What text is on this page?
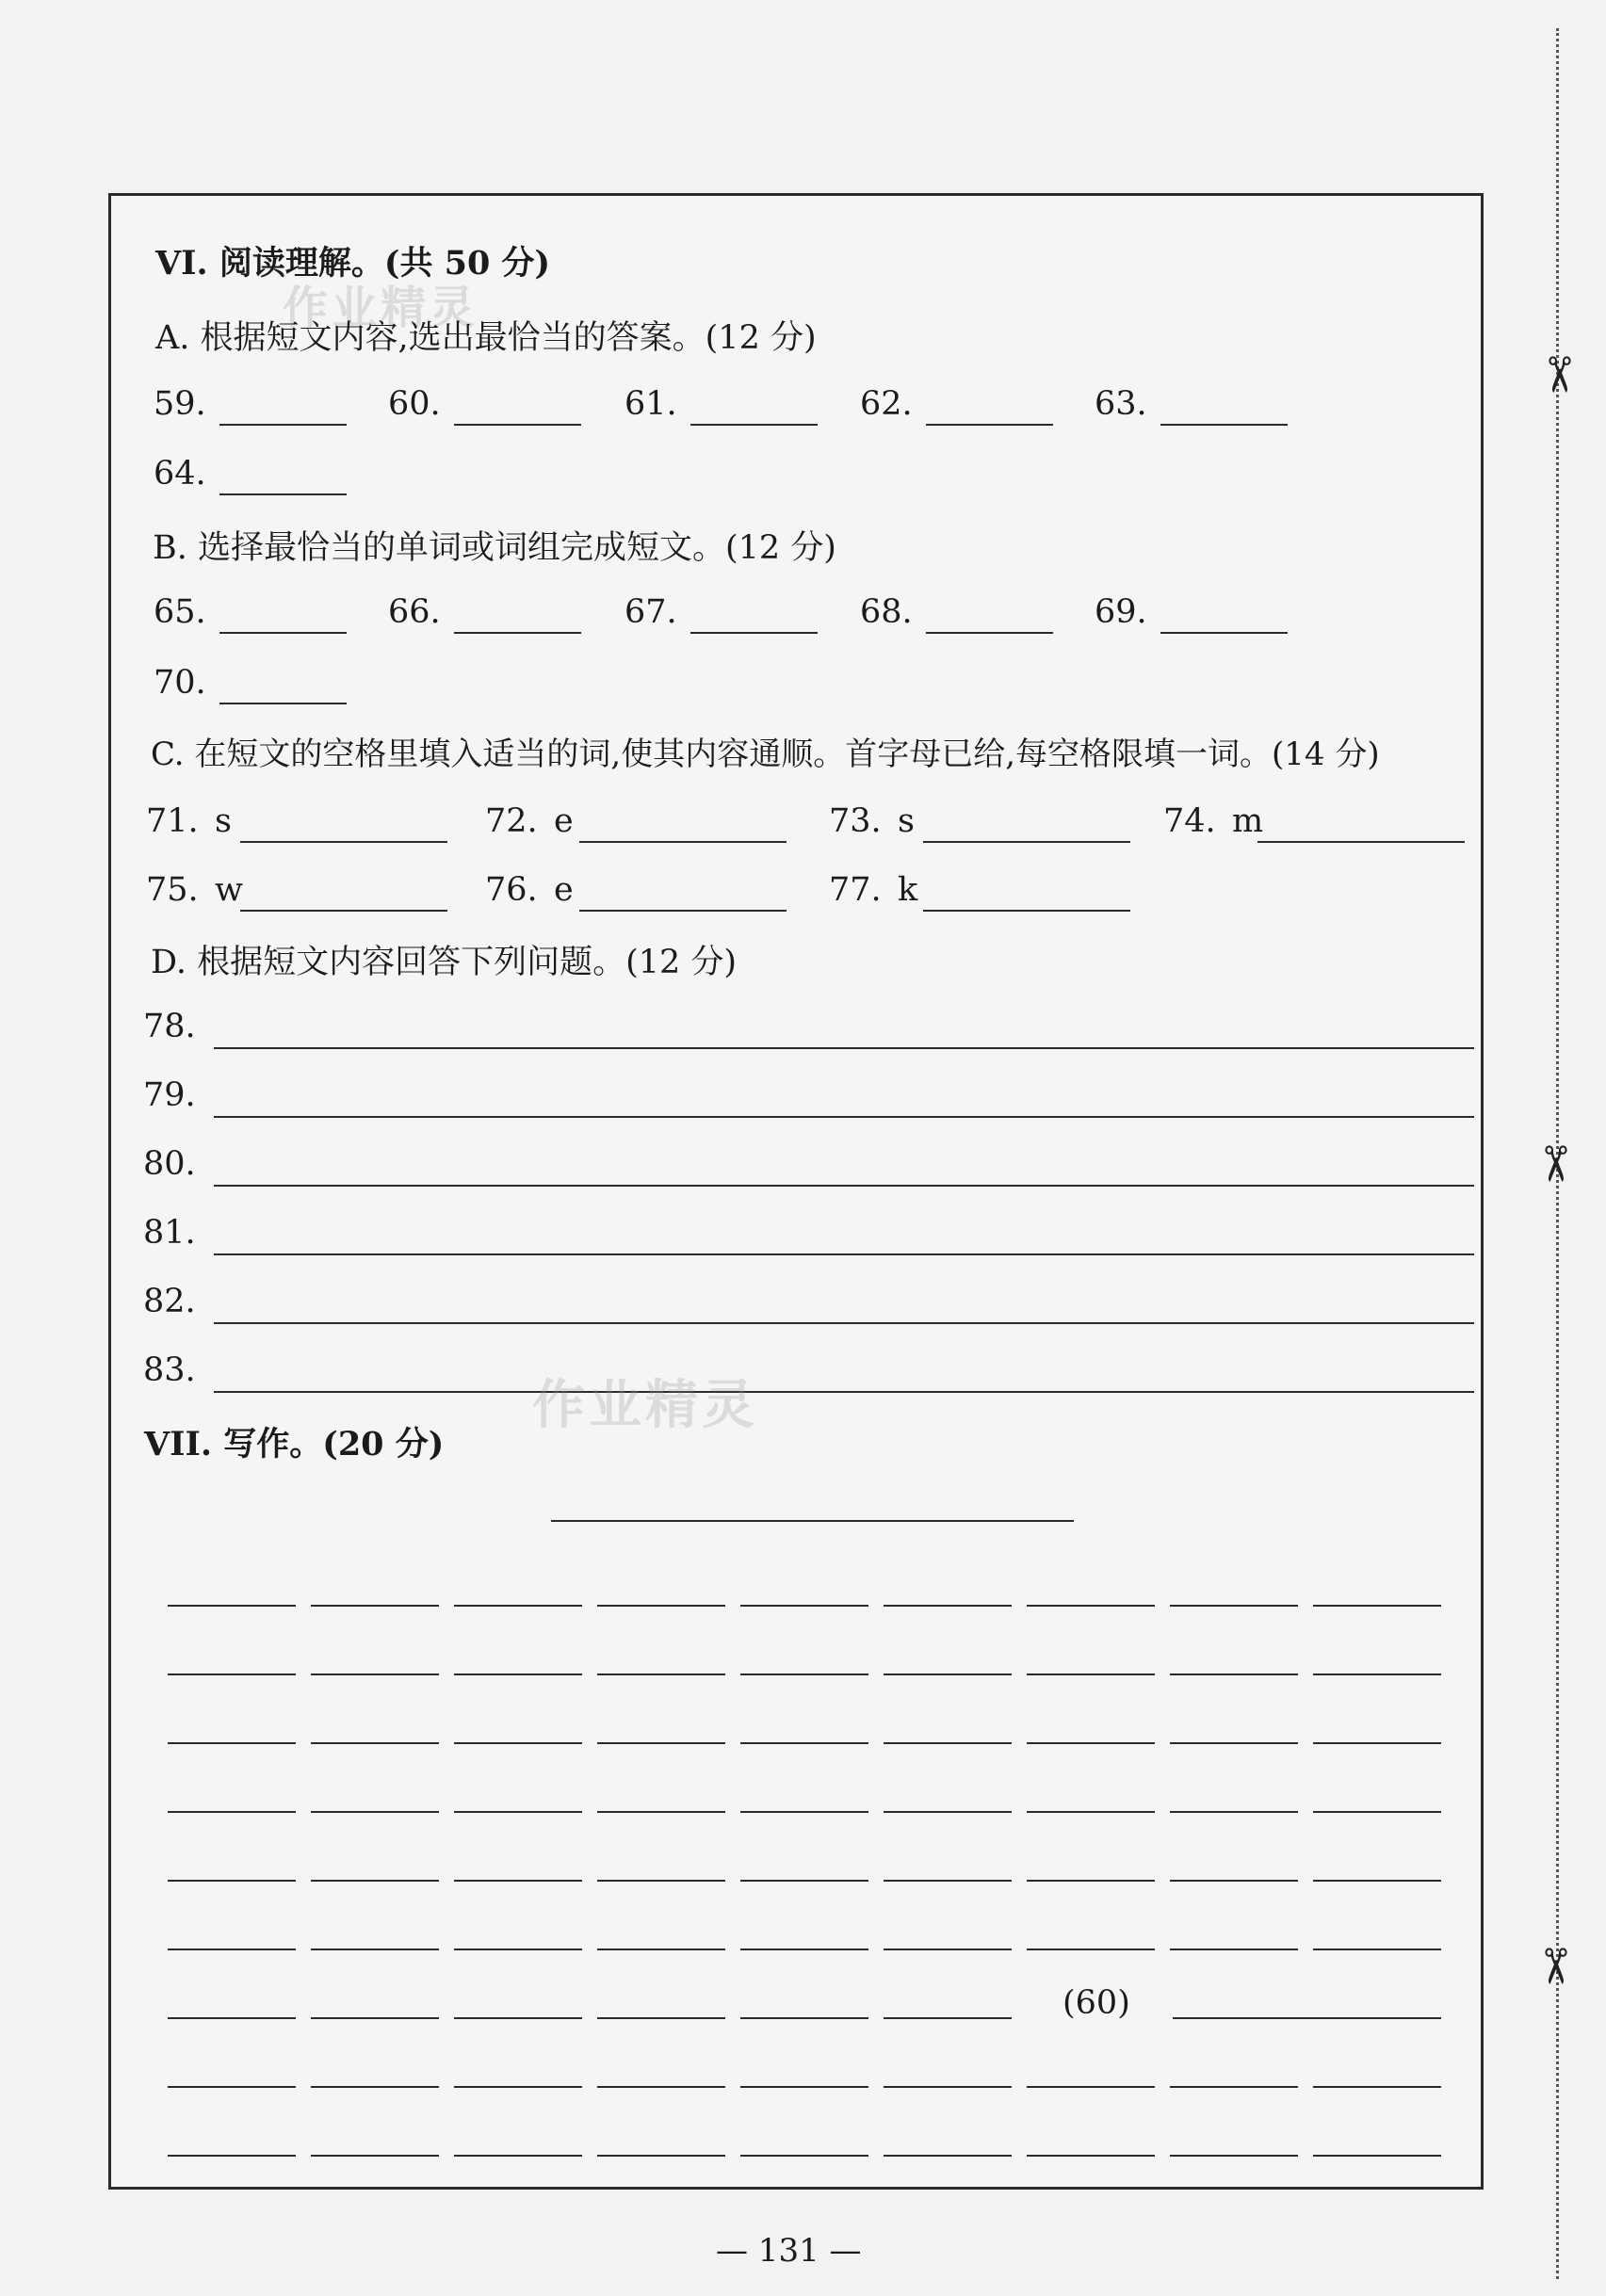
✂
✂
✂
VI. 阅读理解。(共 50 分)
作业精灵
A. 根据短文内容,选出最恰当的答案。(12 分)
59.	60.	61.	62.	63.
64.
B. 选择最恰当的单词或词组完成短文。(12 分)
65.	66.	67.	68.	69.
70.
C. 在短文的空格里填入适当的词,使其内容通顺。首字母已给,每空格限填一词。(14 分)
71. s	72. e	73. s	74. m
75. w	76. e	77. k
D. 根据短文内容回答下列问题。(12 分)
78.
79.
80.
81.
82.
83.
作业精灵
VII. 写作。(20 分)
(60)
— 131 —
